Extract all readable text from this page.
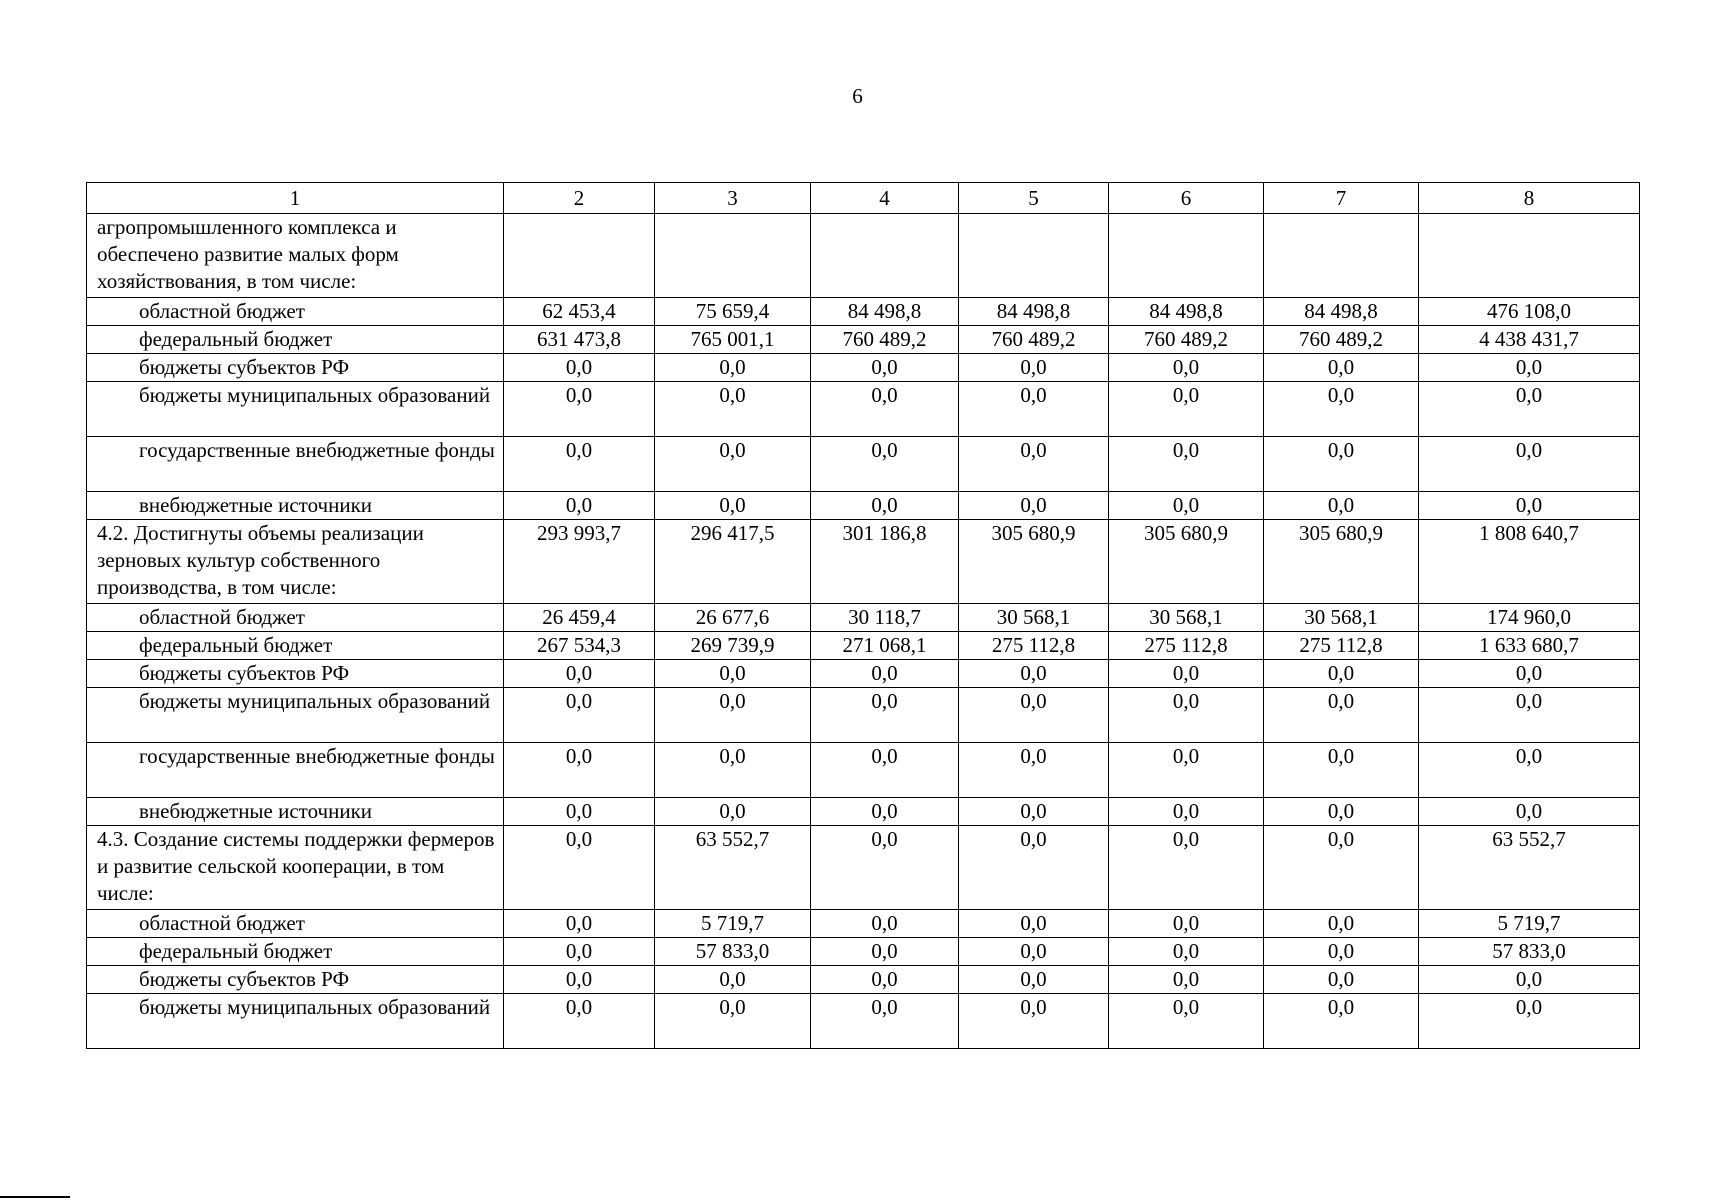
6
1	2	3	4	5	6	7	8
агропромышленного комплекса и обеспечено развитие малых форм хозяйствования, в том числе:							
областной бюджет	62 453,4	75 659,4	84 498,8	84 498,8	84 498,8	84 498,8	476 108,0
федеральный бюджет	631 473,8	765 001,1	760 489,2	760 489,2	760 489,2	760 489,2	4 438 431,7
бюджеты субъектов РФ	0,0	0,0	0,0	0,0	0,0	0,0	0,0
бюджеты муниципальных образований	0,0	0,0	0,0	0,0	0,0	0,0	0,0
государственные внебюджетные фонды	0,0	0,0	0,0	0,0	0,0	0,0	0,0
внебюджетные источники	0,0	0,0	0,0	0,0	0,0	0,0	0,0
4.2. Достигнуты объемы реализации зерновых культур собственного производства, в том числе:	293 993,7	296 417,5	301 186,8	305 680,9	305 680,9	305 680,9	1 808 640,7
областной бюджет	26 459,4	26 677,6	30 118,7	30 568,1	30 568,1	30 568,1	174 960,0
федеральный бюджет	267 534,3	269 739,9	271 068,1	275 112,8	275 112,8	275 112,8	1 633 680,7
бюджеты субъектов РФ	0,0	0,0	0,0	0,0	0,0	0,0	0,0
бюджеты муниципальных образований	0,0	0,0	0,0	0,0	0,0	0,0	0,0
государственные внебюджетные фонды	0,0	0,0	0,0	0,0	0,0	0,0	0,0
внебюджетные источники	0,0	0,0	0,0	0,0	0,0	0,0	0,0
4.3. Создание системы поддержки фермеров и развитие сельской кооперации, в том числе:	0,0	63 552,7	0,0	0,0	0,0	0,0	63 552,7
областной бюджет	0,0	5 719,7	0,0	0,0	0,0	0,0	5 719,7
федеральный бюджет	0,0	57 833,0	0,0	0,0	0,0	0,0	57 833,0
бюджеты субъектов РФ	0,0	0,0	0,0	0,0	0,0	0,0	0,0
бюджеты муниципальных образований	0,0	0,0	0,0	0,0	0,0	0,0	0,0
